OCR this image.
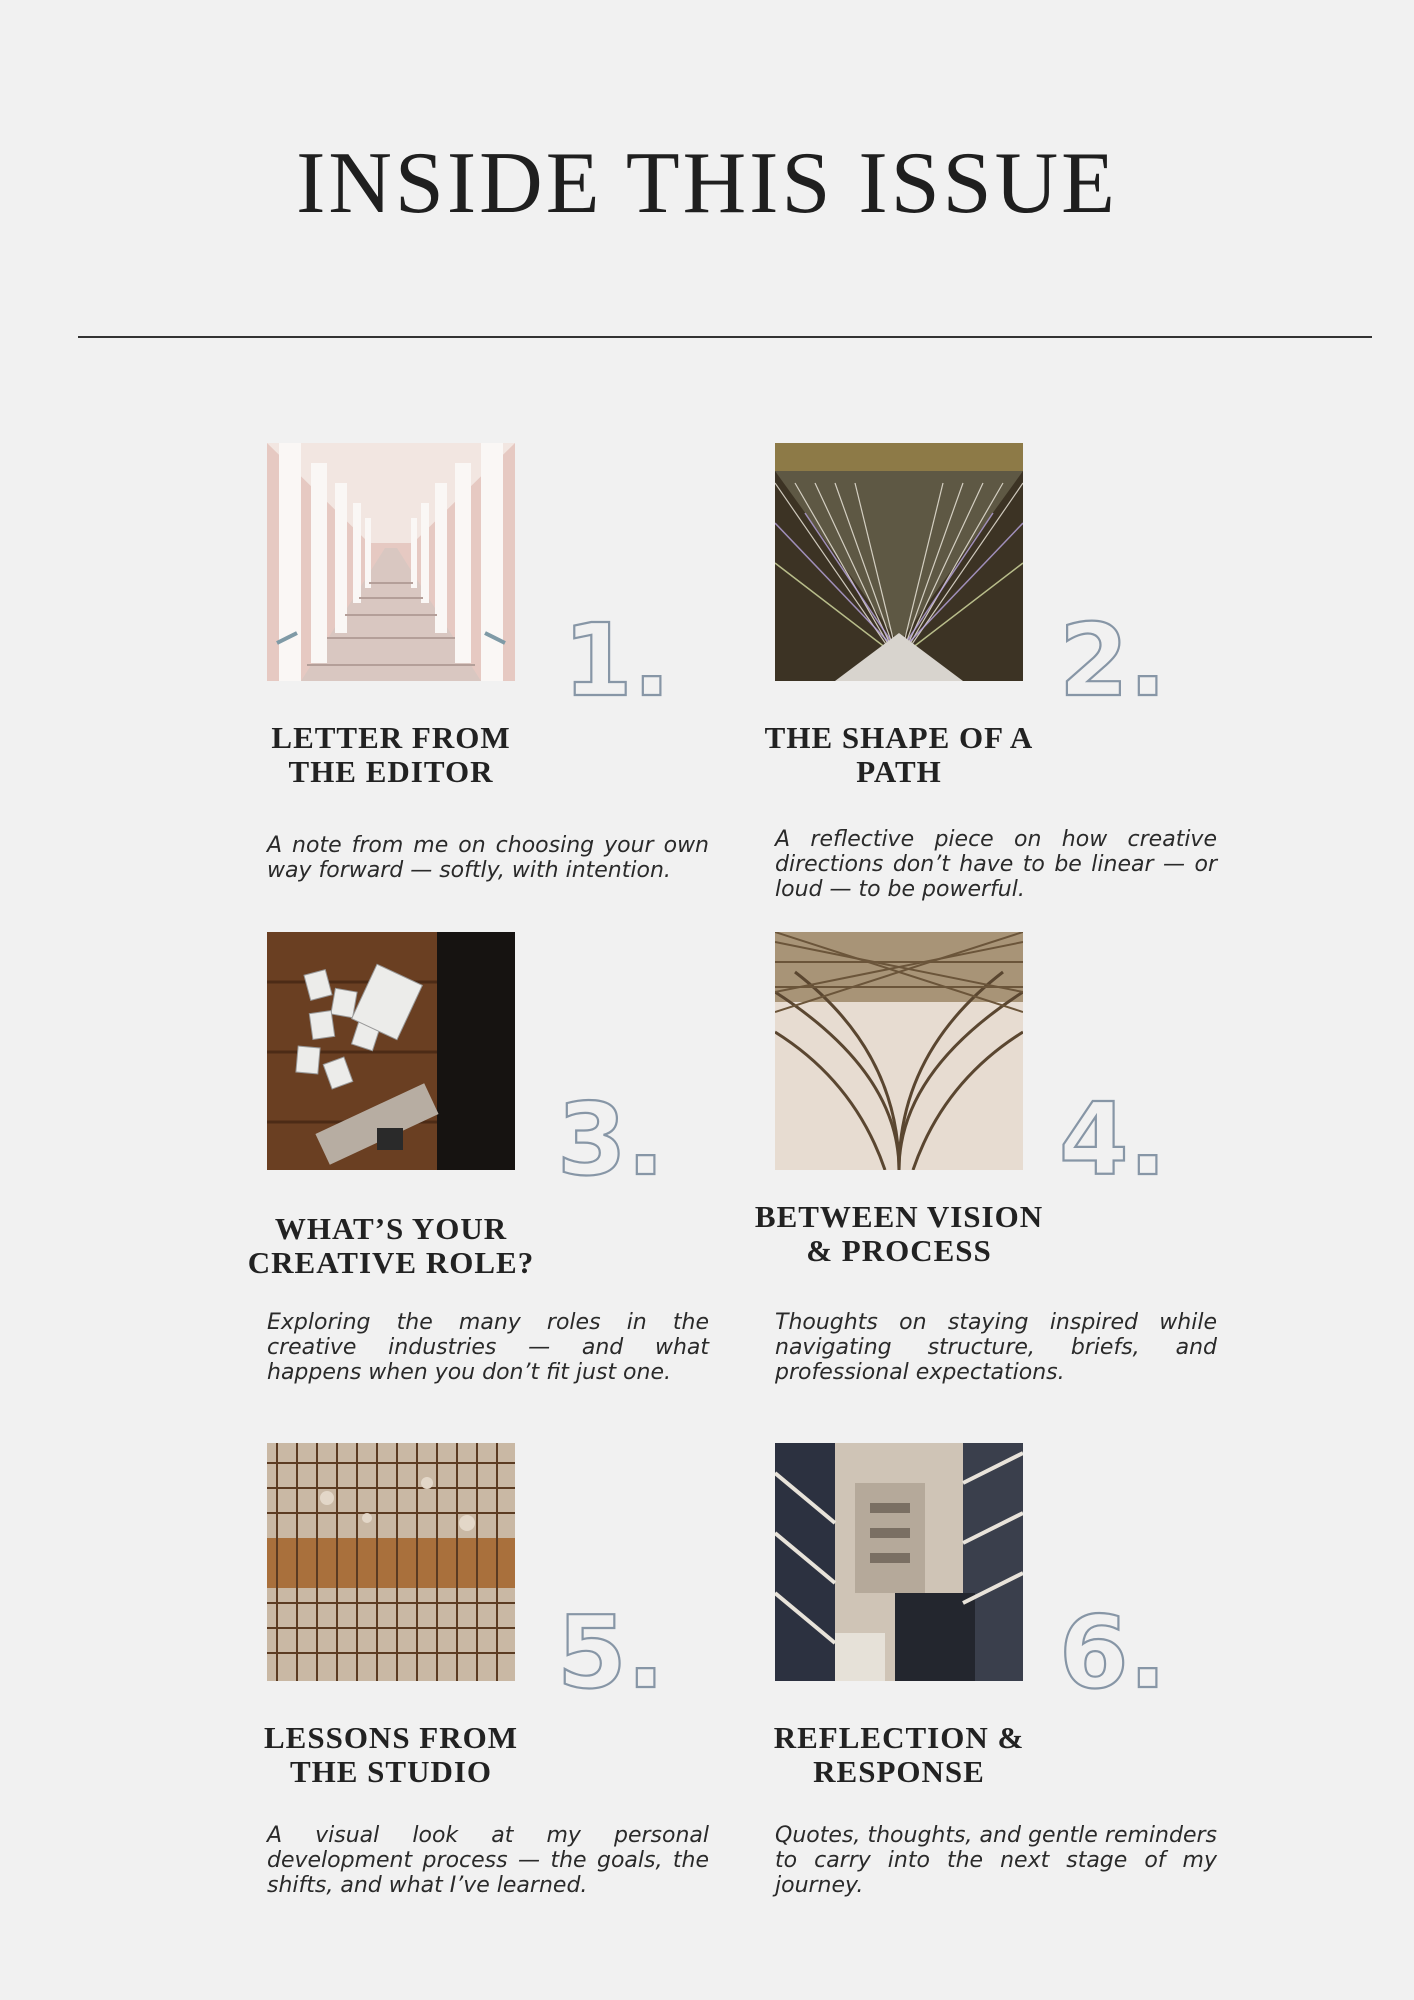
INSIDE THIS ISSUE
1.
LETTER FROM THE EDITOR

A note from me on choosing your own way forward — softly, with intention.

2.
THE SHAPE OF A PATH

A reflective piece on how creative directions don’t have to be linear — or loud — to be powerful.

3.
WHAT’S YOUR CREATIVE ROLE?

Exploring the many roles in the creative industries — and what happens when you don’t fit just one.

4.
BETWEEN VISION & PROCESS

Thoughts on staying inspired while navigating structure, briefs, and professional expectations.

5.
LESSONS FROM THE STUDIO

A visual look at my personal development process — the goals, the shifts, and what I’ve learned.

6.
REFLECTION & RESPONSE

Quotes, thoughts, and gentle reminders to carry into the next stage of my journey.
